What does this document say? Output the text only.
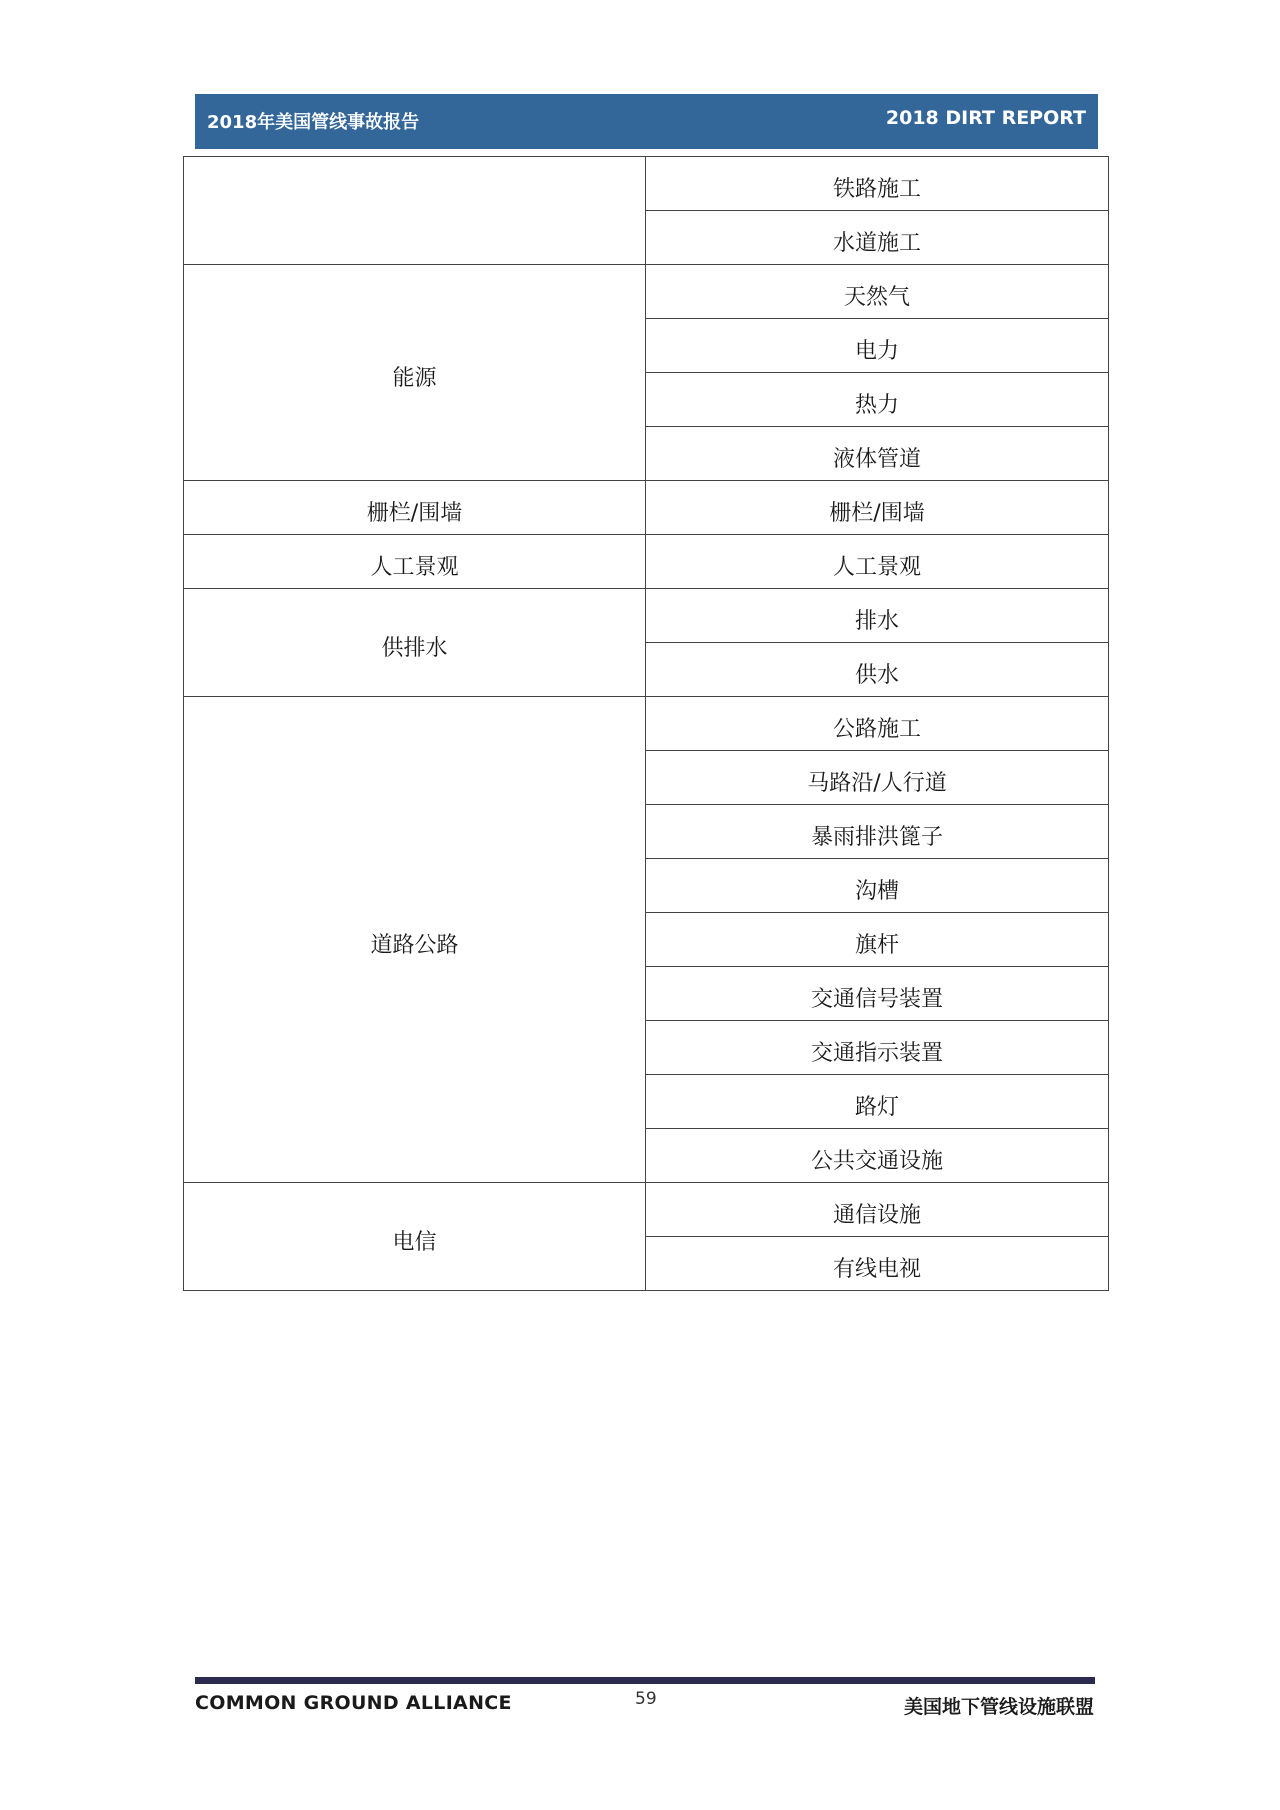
2018年美国管线事故报告	2018 DIRT REPORT
	铁路施工
	水道施工
能源	天然气
	电力
	热力
	液体管道
栅栏/围墙	栅栏/围墙
人工景观	人工景观
供排水	排水
	供水
道路公路	公路施工
	马路沿/人行道
	暴雨排洪篦子
	沟槽
	旗杆
	交通信号装置
	交通指示装置
	路灯
	公共交通设施
电信	通信设施
	有线电视
COMMON GROUND ALLIANCE	59	美国地下管线设施联盟
